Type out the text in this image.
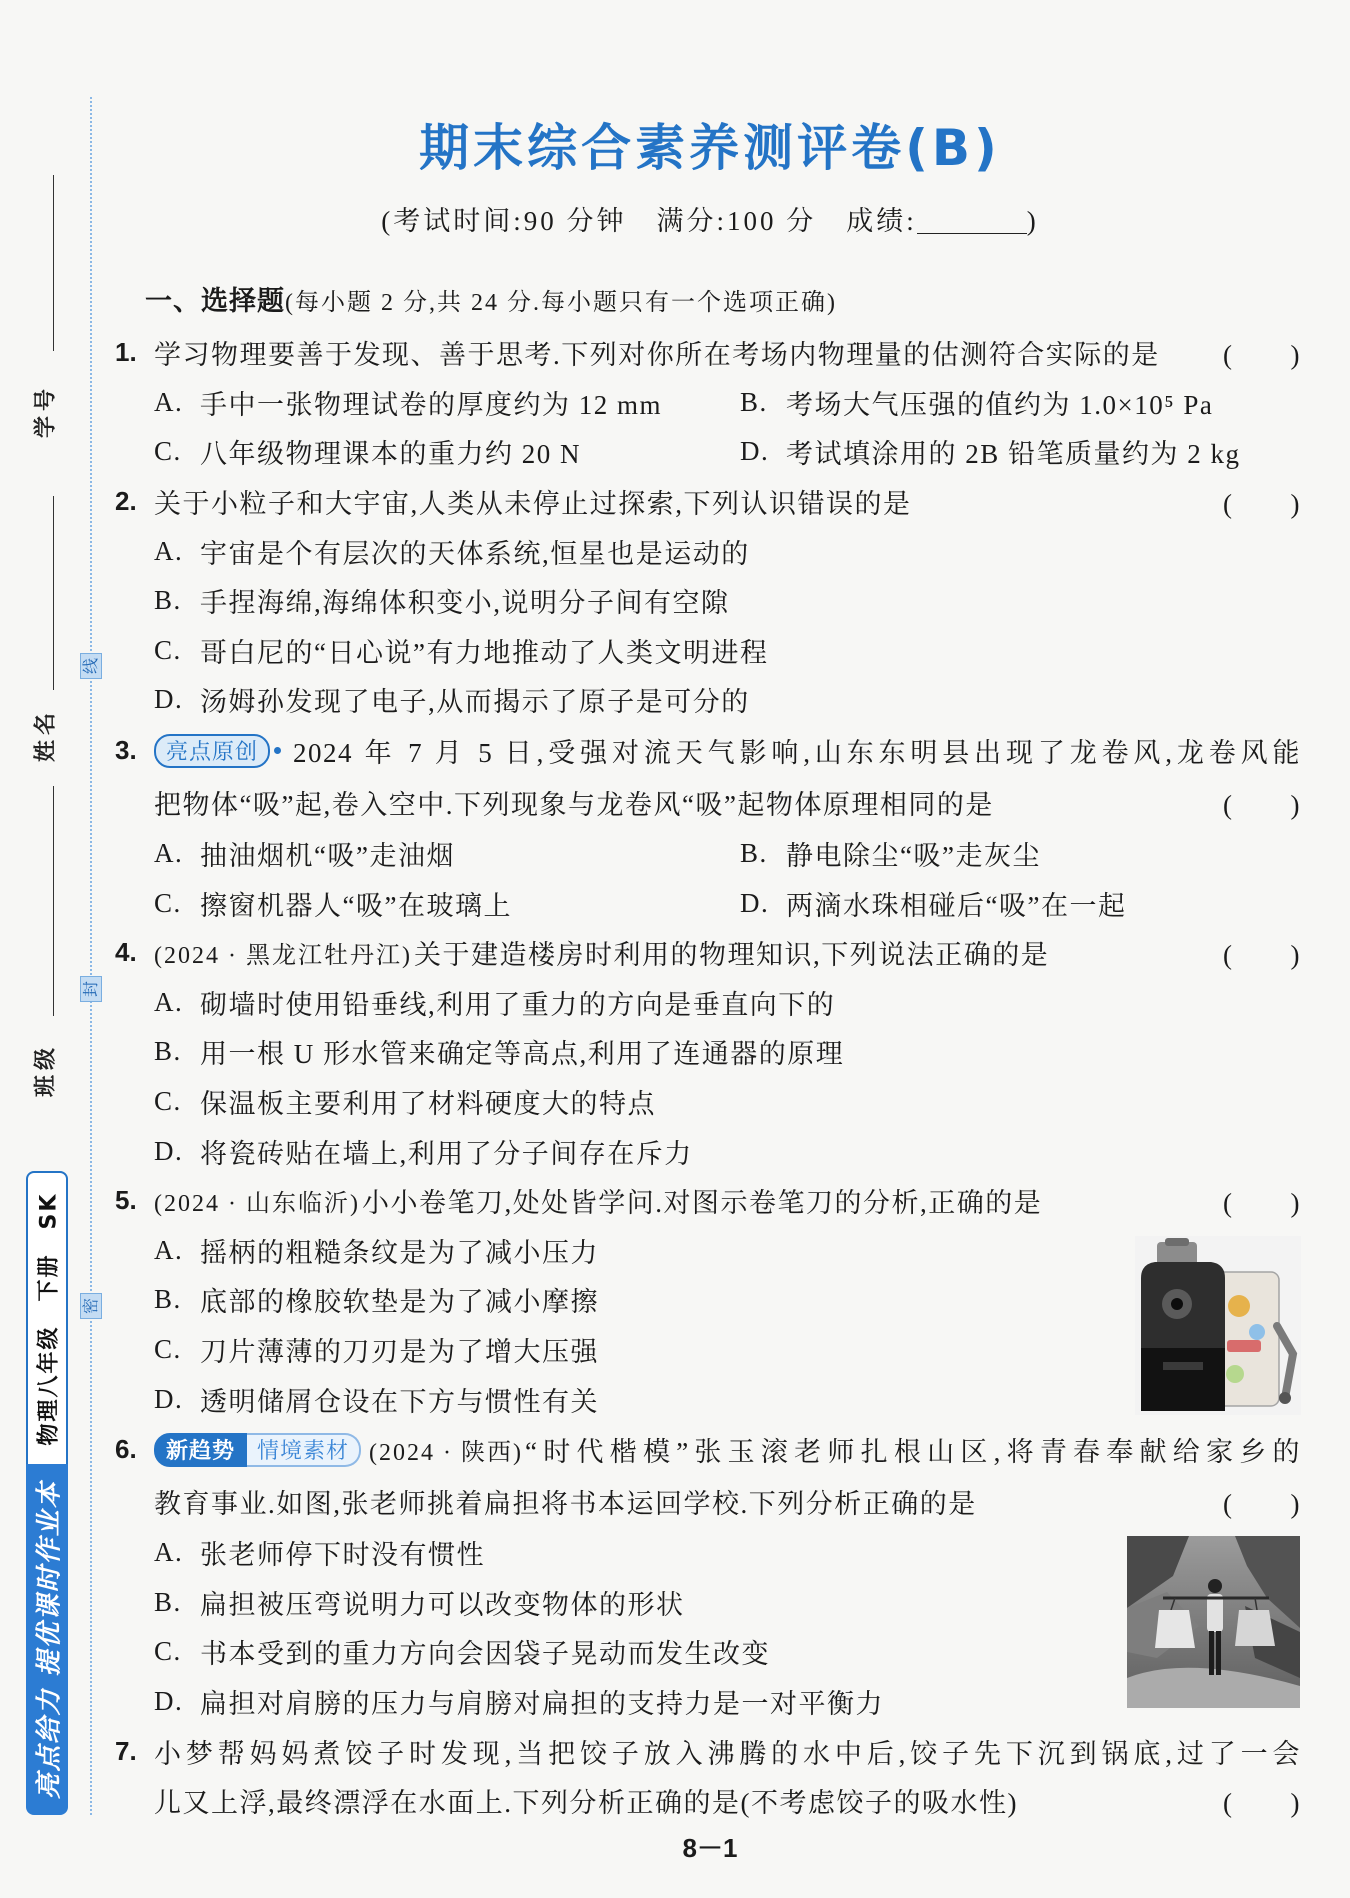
学号
姓名
班级
线
封
密
物理八年级　下册　SK
亮点给力 提优课时作业本
期末综合素养测评卷(B)
(考试时间:90 分钟　满分:100 分　成绩:	)
一、选择题(每小题 2 分,共 24 分.每小题只有一个选项正确)
1. 学习物理要善于发现、善于思考.下列对你所在考场内物理量的估测符合实际的是	(　　)
A. 手中一张物理试卷的厚度约为 12 mm	B. 考场大气压强的值约为 1.0×10⁵ Pa
C. 八年级物理课本的重力约 20 N	D. 考试填涂用的 2B 铅笔质量约为 2 kg
2. 关于小粒子和大宇宙,人类从未停止过探索,下列认识错误的是	(　　)
A. 宇宙是个有层次的天体系统,恒星也是运动的
B. 手捏海绵,海绵体积变小,说明分子间有空隙
C. 哥白尼的“日心说”有力地推动了人类文明进程
D. 汤姆孙发现了电子,从而揭示了原子是可分的
3.	亮点原创	2024 年 7 月 5 日,受强对流天气影响,山东东明县出现了龙卷风,龙卷风能
把物体“吸”起,卷入空中.下列现象与龙卷风“吸”起物体原理相同的是	(　　)
A. 抽油烟机“吸”走油烟	B. 静电除尘“吸”走灰尘
C. 擦窗机器人“吸”在玻璃上	D. 两滴水珠相碰后“吸”在一起
4. (2024 · 黑龙江牡丹江) 关于建造楼房时利用的物理知识,下列说法正确的是	(　　)
A. 砌墙时使用铅垂线,利用了重力的方向是垂直向下的
B. 用一根 U 形水管来确定等高点,利用了连通器的原理
C. 保温板主要利用了材料硬度大的特点
D. 将瓷砖贴在墙上,利用了分子间存在斥力
5. (2024 · 山东临沂) 小小卷笔刀,处处皆学问.对图示卷笔刀的分析,正确的是	(　　)
A. 摇柄的粗糙条纹是为了减小压力
B. 底部的橡胶软垫是为了减小摩擦
C. 刀片薄薄的刀刃是为了增大压强
D. 透明储屑仓设在下方与惯性有关
6.	新趋势	情境素材 (2024 · 陕西) “时代楷模”张玉滚老师扎根山区,将青春奉献给家乡的
教育事业.如图,张老师挑着扁担将书本运回学校.下列分析正确的是	(　　)
A. 张老师停下时没有惯性
B. 扁担被压弯说明力可以改变物体的形状
C. 书本受到的重力方向会因袋子晃动而发生改变
D. 扁担对肩膀的压力与肩膀对扁担的支持力是一对平衡力
7. 小梦帮妈妈煮饺子时发现,当把饺子放入沸腾的水中后,饺子先下沉到锅底,过了一会
儿又上浮,最终漂浮在水面上.下列分析正确的是(不考虑饺子的吸水性)	(　　)
8－1
